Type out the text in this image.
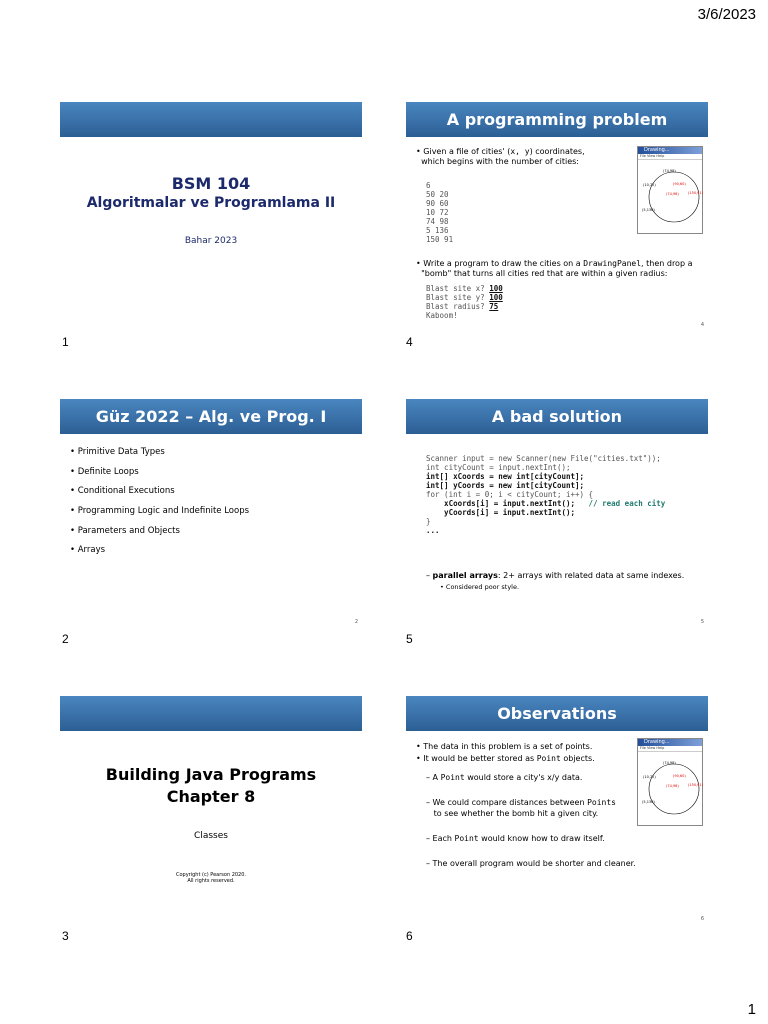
3/6/2023
BSM 104
Algoritmalar ve Programlama II
Bahar 2023
1
A programming problem
• Given a file of cities' (x, y) coordinates,
which begins with the number of cities:

6
50 20
90 60
10 72
74 98
5 136
150 91
Drawing...
File View Help
(74,98)
(90,60)
(10,72)
(74,98)	(150,91)
(5,136)
• Write a program to draw the cities on a DrawingPanel, then drop a
"bomb" that turns all cities red that are within a given radius:
Blast site x? 100
Blast site y? 100
Blast radius? 75
Kaboom!
4
4
Güz 2022 – Alg. ve Prog. I
• Primitive Data Types
• Definite Loops
• Conditional Executions
• Programming Logic and Indefinite Loops
• Parameters and Objects
• Arrays
2
2
A bad solution
Scanner input = new Scanner(new File("cities.txt"));
int cityCount = input.nextInt();
int[] xCoords = new int[cityCount];
int[] yCoords = new int[cityCount];
for (int i = 0; i < cityCount; i++) {
xCoords[i] = input.nextInt();   // read each city
yCoords[i] = input.nextInt();
}
...
– parallel arrays: 2+ arrays with related data at same indexes.
• Considered poor style.
5
5
Building Java Programs
Chapter 8
Classes
Copyright (c) Pearson 2020.
All rights reserved.
3
Observations
• The data in this problem is a set of points.
• It would be better stored as Point objects.
– A Point would store a city's x/y data.
– We could compare distances between Points
to see whether the bomb hit a given city.
– Each Point would know how to draw itself.
– The overall program would be shorter and cleaner.
Drawing...
File View Help
(74,98)
(90,60)
(10,72)
(74,98)	(150,91)
(5,136)
6
6
1
